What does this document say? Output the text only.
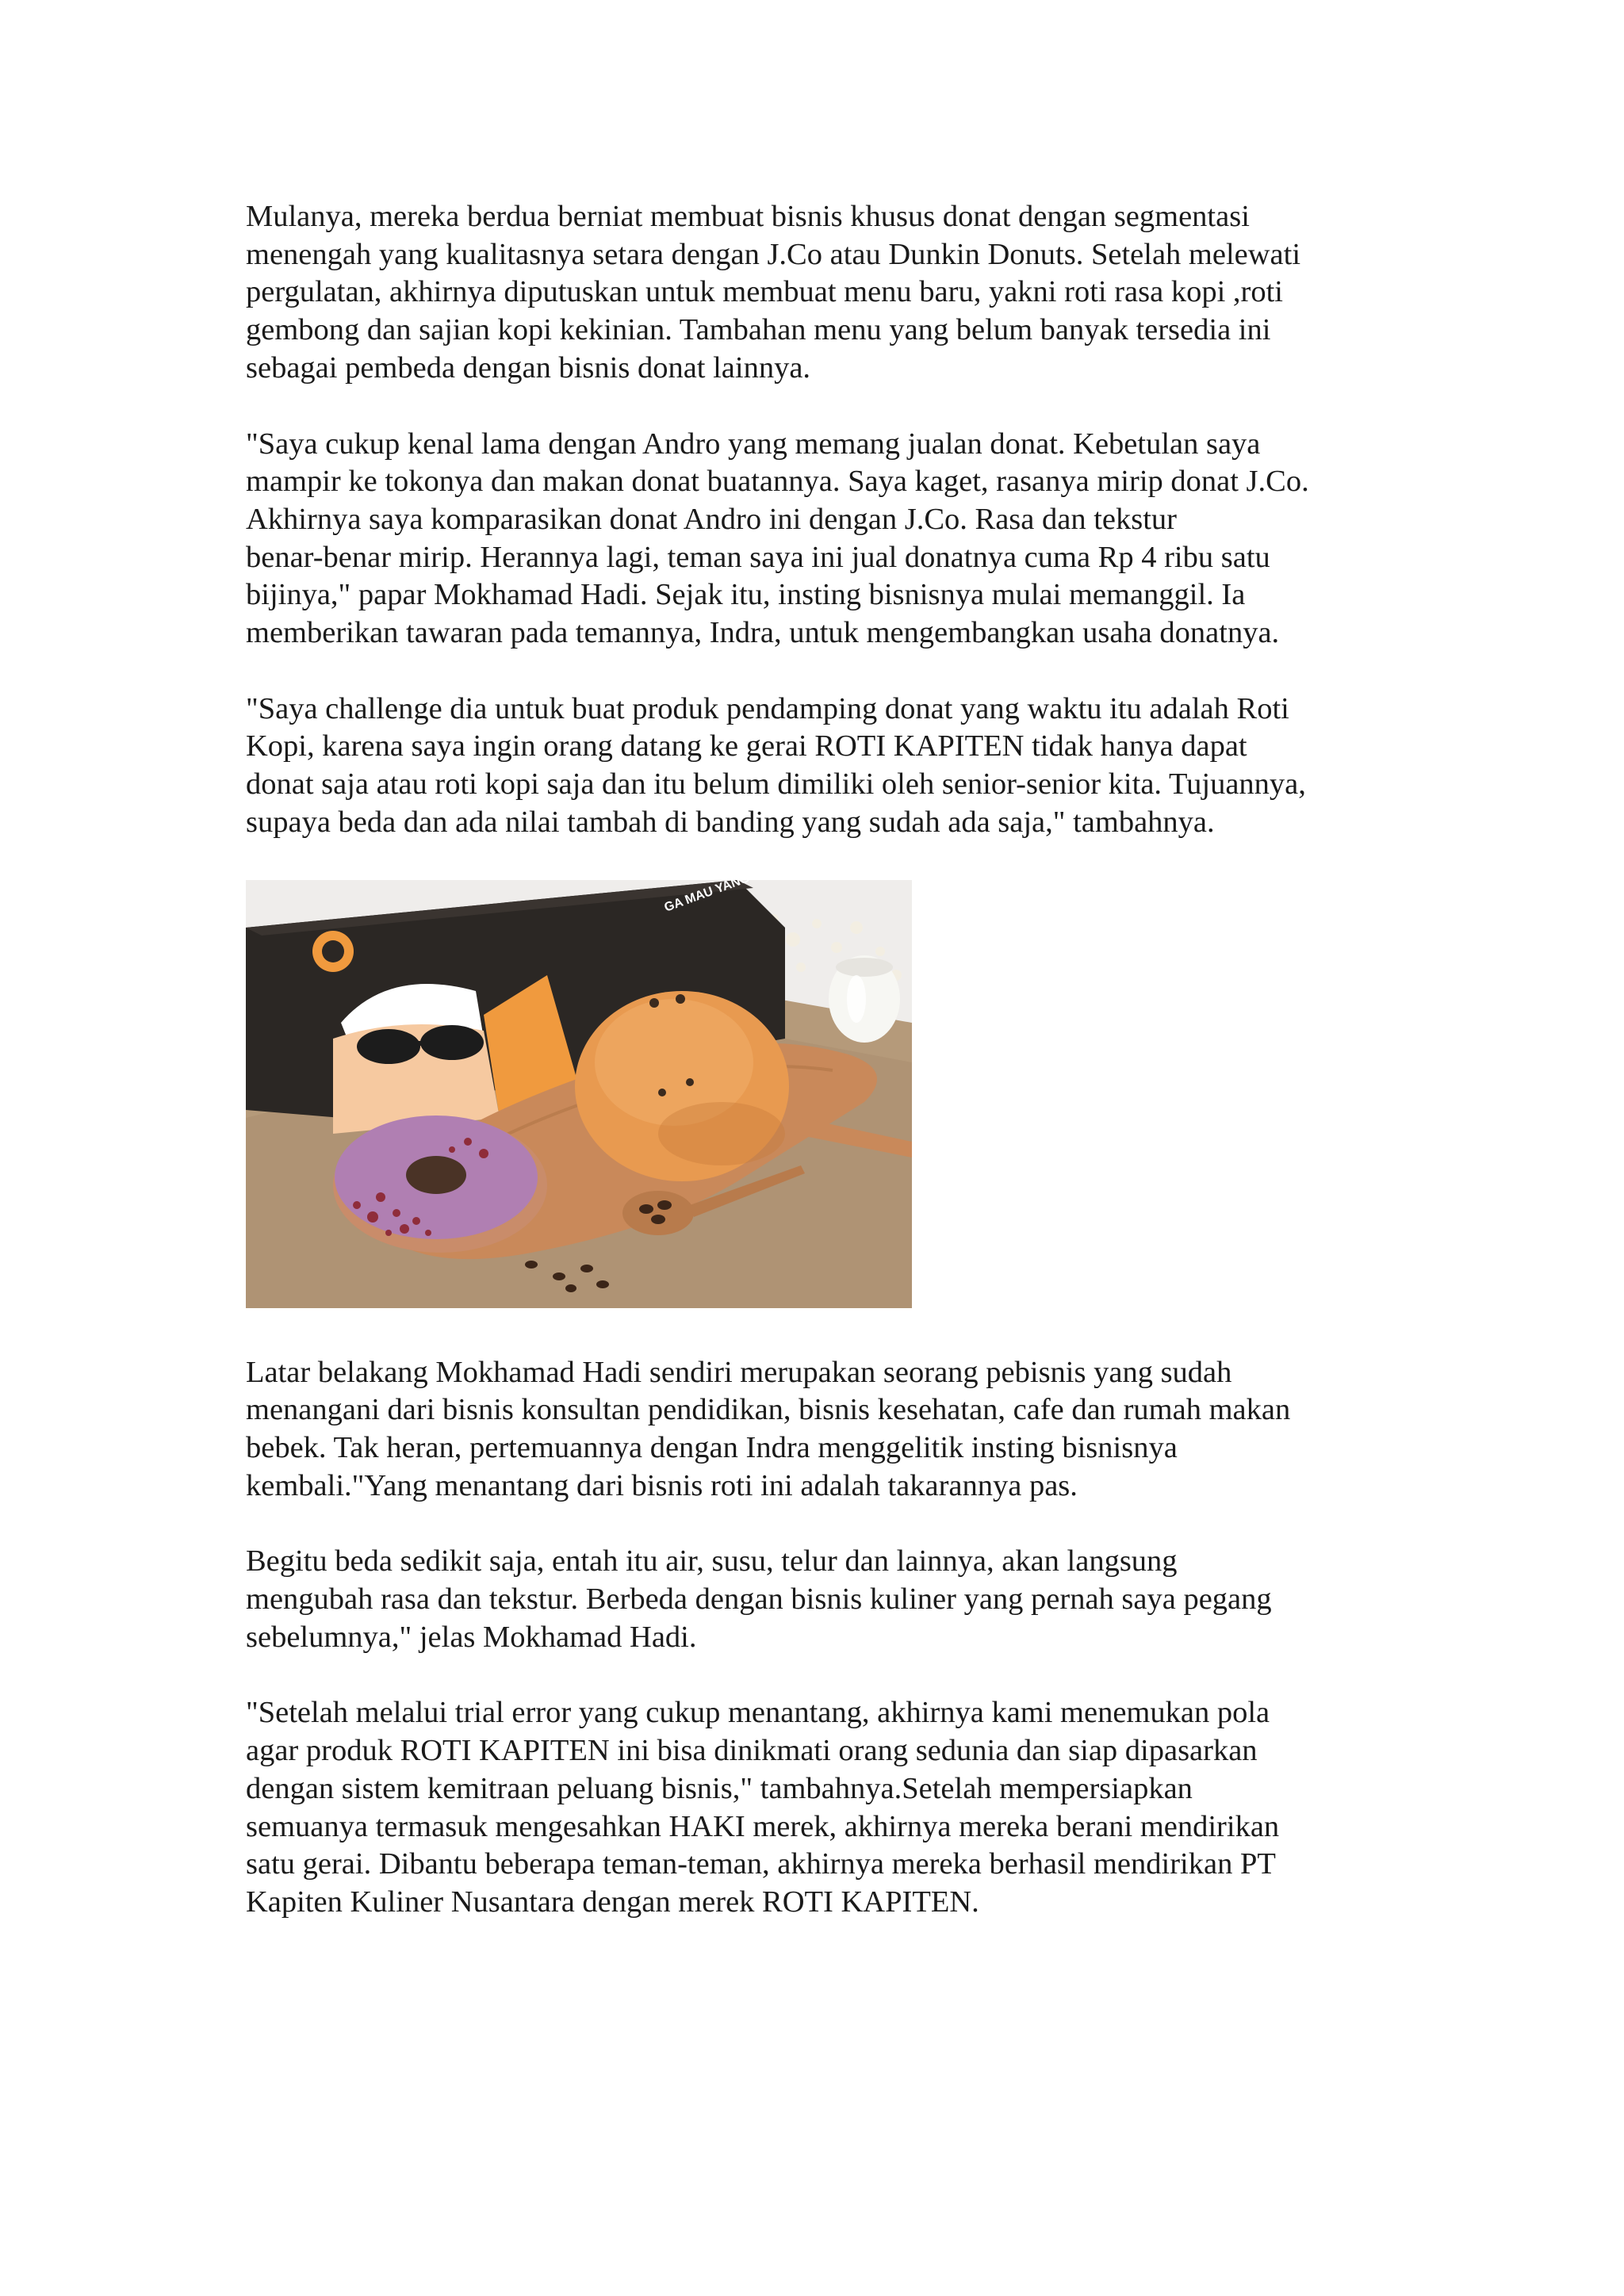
Mulanya, mereka berdua berniat membuat bisnis khusus donat dengan segmentasi
menengah yang kualitasnya setara dengan J.Co atau Dunkin Donuts. Setelah melewati
pergulatan, akhirnya diputuskan untuk membuat menu baru, yakni roti rasa kopi ,roti
gembong dan sajian kopi kekinian. Tambahan menu yang belum banyak tersedia ini
sebagai pembeda dengan bisnis donat lainnya.
"Saya cukup kenal lama dengan Andro yang memang jualan donat. Kebetulan saya
mampir ke tokonya dan makan donat buatannya. Saya kaget, rasanya mirip donat J.Co.
Akhirnya saya komparasikan donat Andro ini dengan J.Co. Rasa dan tekstur
benar-benar mirip. Herannya lagi, teman saya ini jual donatnya cuma Rp 4 ribu satu
bijinya," papar Mokhamad Hadi. Sejak itu, insting bisnisnya mulai memanggil. Ia
memberikan tawaran pada temannya, Indra, untuk mengembangkan usaha donatnya.
"Saya challenge dia untuk buat produk pendamping donat yang waktu itu adalah Roti
Kopi, karena saya ingin orang datang ke gerai ROTI KAPITEN tidak hanya dapat
donat saja atau roti kopi saja dan itu belum dimiliki oleh senior-senior kita. Tujuannya,
supaya beda dan ada nilai tambah di banding yang sudah ada saja," tambahnya.
GA MAU YANG
Latar belakang Mokhamad Hadi sendiri merupakan seorang pebisnis yang sudah
menangani dari bisnis konsultan pendidikan, bisnis kesehatan, cafe dan rumah makan
bebek. Tak heran, pertemuannya dengan Indra menggelitik insting bisnisnya
kembali."Yang menantang dari bisnis roti ini adalah takarannya pas.
Begitu beda sedikit saja, entah itu air, susu, telur dan lainnya, akan langsung
mengubah rasa dan tekstur. Berbeda dengan bisnis kuliner yang pernah saya pegang
sebelumnya," jelas Mokhamad Hadi.
"Setelah melalui trial error yang cukup menantang, akhirnya kami menemukan pola
agar produk ROTI KAPITEN ini bisa dinikmati orang sedunia dan siap dipasarkan
dengan sistem kemitraan peluang bisnis," tambahnya.Setelah mempersiapkan
semuanya termasuk mengesahkan HAKI merek, akhirnya mereka berani mendirikan
satu gerai. Dibantu beberapa teman-teman, akhirnya mereka berhasil mendirikan PT
Kapiten Kuliner Nusantara dengan merek ROTI KAPITEN.
